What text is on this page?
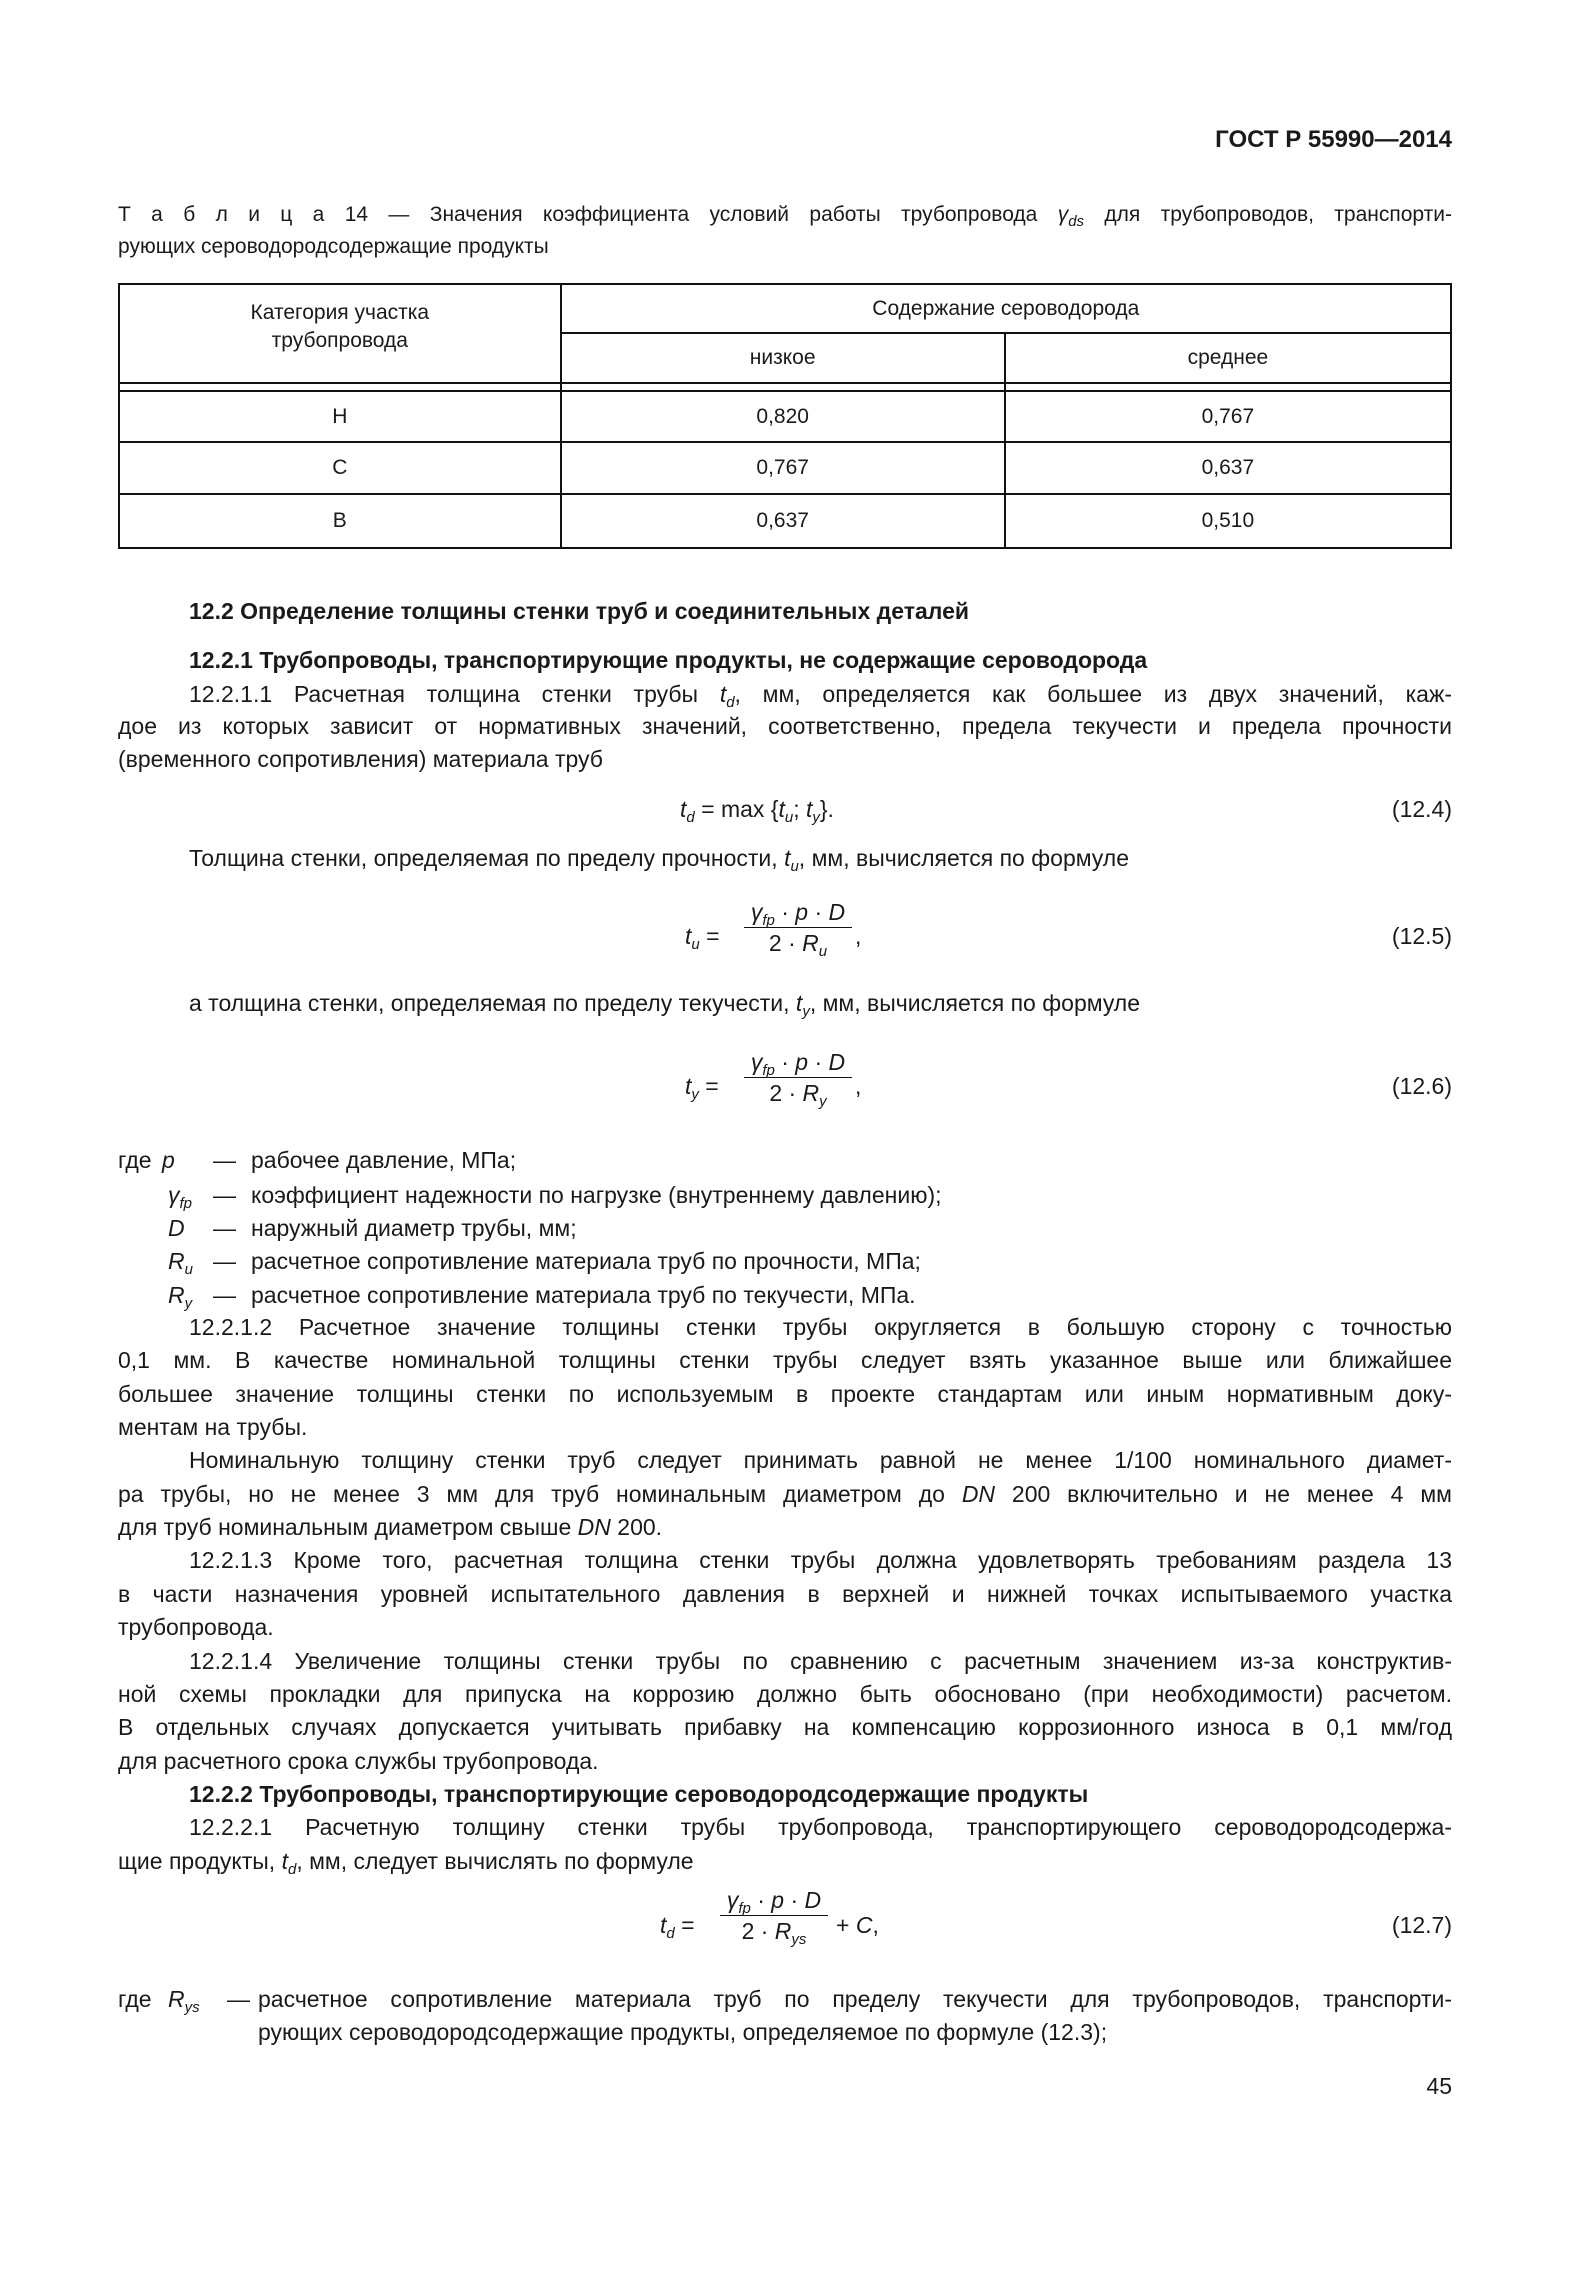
ГОСТ Р 55990—2014
Т а б л и ц а 14 — Значения коэффициента условий работы трубопровода $\gamma_{ds}$ для трубопроводов, транспорти-
рующих сероводородсодержащие продукты
Категория участка трубопровода	Содержание сероводорода	
	низкое	среднее

Н	0,820	0,767
С	0,767	0,637
В	0,637	0,510
12.2 Определение толщины стенки труб и соединительных деталей
12.2.1 Трубопроводы, транспортирующие продукты, не содержащие сероводорода
12.2.1.1 Расчетная толщина стенки трубы $t_d$, мм, определяется как большее из двух значений, каж-
дое из которых зависит от нормативных значений, соответственно, предела текучести и предела прочности
(временного сопротивления) материала труб
$t_d = \max \{t_u$; $t_y$}.	(12.4)
Толщина стенки, определяемая по пределу прочности, $t_u$, мм, вычисляется по формуле
$t_u$ =
$\gamma_{fp} \cdot p \cdot D$
$2 \cdot R_u$
,	(12.5)
а толщина стенки, определяемая по пределу текучести, $t_y$, мм, вычисляется по формуле
$t_y$ =
$\gamma_{fp} \cdot p \cdot D$
$2 \cdot R_y$
,	(12.6)
где p — рабочее давление, МПа;
$\gamma_{fp}$ — коэффициент надежности по нагрузке (внутреннему давлению);
D — наружный диаметр трубы, мм;
$R_u$ — расчетное сопротивление материала труб по прочности, МПа;
$R_y$ — расчетное сопротивление материала труб по текучести, МПа.
12.2.1.2 Расчетное значение толщины стенки трубы округляется в большую сторону с точностью
0,1 мм. В качестве номинальной толщины стенки трубы следует взять указанное выше или ближайшее
большее значение толщины стенки по используемым в проекте стандартам или иным нормативным доку-
ментам на трубы.
Номинальную толщину стенки труб следует принимать равной не менее 1/100 номинального диамет-
ра трубы, но не менее 3 мм для труб номинальным диаметром до DN 200 включительно и не менее 4 мм
для труб номинальным диаметром свыше DN 200.
12.2.1.3 Кроме того, расчетная толщина стенки трубы должна удовлетворять требованиям раздела 13
в части назначения уровней испытательного давления в верхней и нижней точках испытываемого участка
трубопровода.
12.2.1.4 Увеличение толщины стенки трубы по сравнению с расчетным значением из-за конструктив-
ной схемы прокладки для припуска на коррозию должно быть обосновано (при необходимости) расчетом.
В отдельных случаях допускается учитывать прибавку на компенсацию коррозионного износа в 0,1 мм/год
для расчетного срока службы трубопровода.
12.2.2 Трубопроводы, транспортирующие сероводородсодержащие продукты
12.2.2.1 Расчетную толщину стенки трубы трубопровода, транспортирующего сероводородсодержа-
щие продукты, $t_d$, мм, следует вычислять по формуле
$t_d$ =
$\gamma_{fp} \cdot p \cdot D$
$2 \cdot R_{ys}$
+ C,	(12.7)
где $R_{ys}$ — расчетное сопротивление материала труб по пределу текучести для трубопроводов, транспорти-
рующих сероводородсодержащие продукты, определяемое по формуле (12.3);
45
